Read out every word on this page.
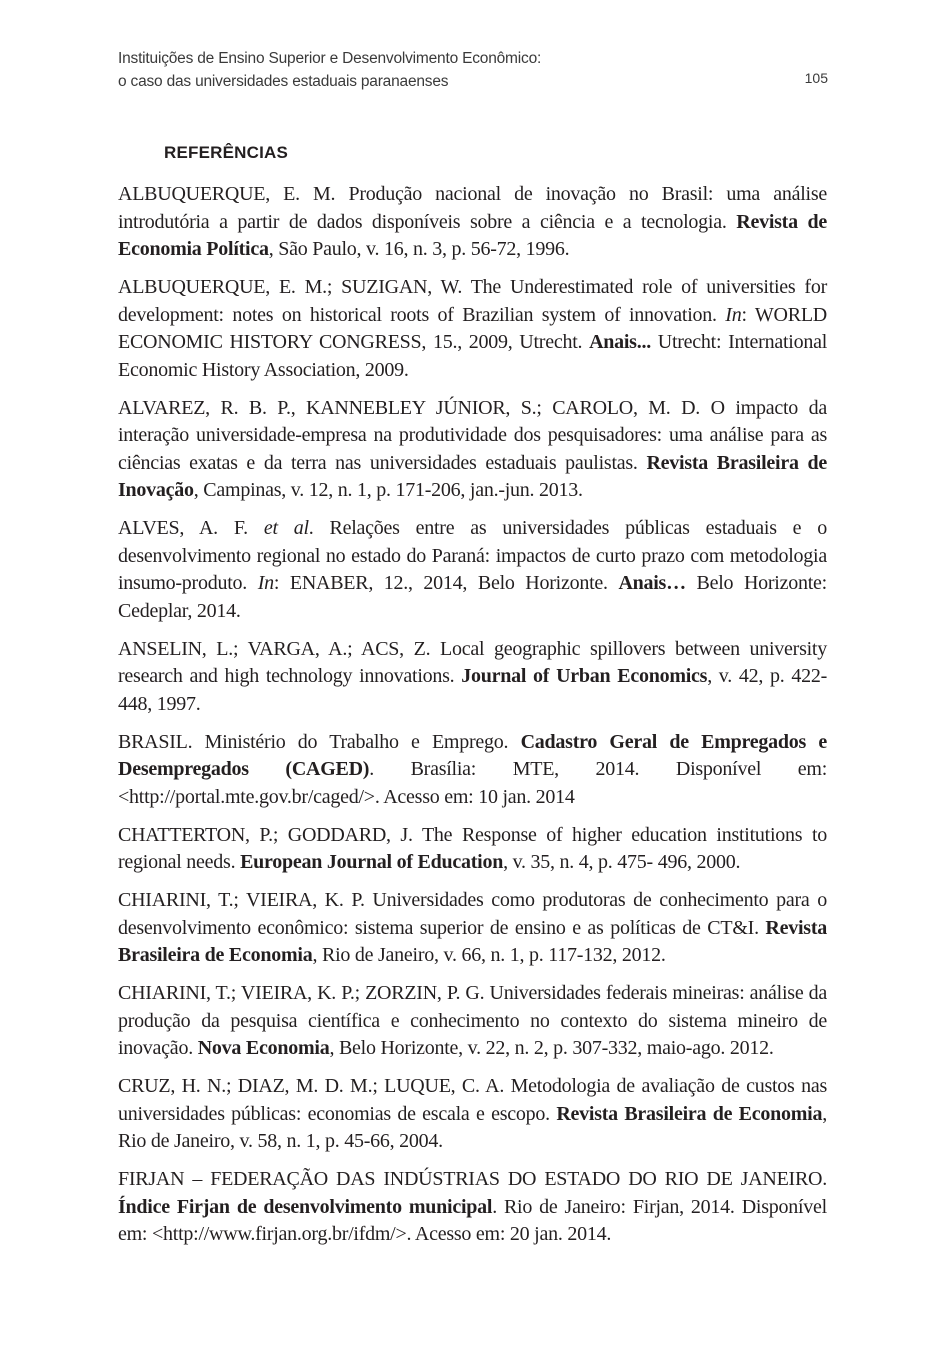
Instituições de Ensino Superior e Desenvolvimento Econômico:
o caso das universidades estaduais paranaenses	105
REFERÊNCIAS

ALBUQUERQUE, E. M. Produção nacional de inovação no Brasil: uma análise introdutória a partir de dados disponíveis sobre a ciência e a tecnologia. Revista de Economia Política, São Paulo, v. 16, n. 3, p. 56-72, 1996.

ALBUQUERQUE, E. M.; SUZIGAN, W. The Underestimated role of universities for development: notes on historical roots of Brazilian system of innovation. In: WORLD ECONOMIC HISTORY CONGRESS, 15., 2009, Utrecht. Anais... Utrecht: International Economic History Association, 2009.

ALVAREZ, R. B. P., KANNEBLEY JÚNIOR, S.; CAROLO, M. D. O impacto da interação universidade-empresa na produtividade dos pesquisadores: uma análise para as ciências exatas e da terra nas universidades estaduais paulistas. Revista Brasileira de Inovação, Campinas, v. 12, n. 1, p. 171-206, jan.-jun. 2013.

ALVES, A. F. et al. Relações entre as universidades públicas estaduais e o desenvolvimento regional no estado do Paraná: impactos de curto prazo com metodologia insumo-produto. In: ENABER, 12., 2014, Belo Horizonte. Anais… Belo Horizonte: Cedeplar, 2014.

ANSELIN, L.; VARGA, A.; ACS, Z. Local geographic spillovers between university research and high technology innovations. Journal of Urban Economics, v. 42, p. 422- 448, 1997.

BRASIL. Ministério do Trabalho e Emprego. Cadastro Geral de Empregados e Desempregados (CAGED). Brasília: MTE, 2014. Disponível em: <http://portal.mte.gov.br/caged/>. Acesso em: 10 jan. 2014

CHATTERTON, P.; GODDARD, J. The Response of higher education institutions to regional needs. European Journal of Education, v. 35, n. 4, p. 475- 496, 2000.

CHIARINI, T.; VIEIRA, K. P. Universidades como produtoras de conhecimento para o desenvolvimento econômico: sistema superior de ensino e as políticas de CT&I. Revista Brasileira de Economia, Rio de Janeiro, v. 66, n. 1, p. 117-132, 2012.

CHIARINI, T.; VIEIRA, K. P.; ZORZIN, P. G. Universidades federais mineiras: análise da produção da pesquisa científica e conhecimento no contexto do sistema mineiro de inovação. Nova Economia, Belo Horizonte, v. 22, n. 2, p. 307-332, maio-ago. 2012.

CRUZ, H. N.; DIAZ, M. D. M.; LUQUE, C. A. Metodologia de avaliação de custos nas universidades públicas: economias de escala e escopo. Revista Brasileira de Economia, Rio de Janeiro, v. 58, n. 1, p. 45-66, 2004.

FIRJAN – FEDERAÇÃO DAS INDÚSTRIAS DO ESTADO DO RIO DE JANEIRO. Índice Firjan de desenvolvimento municipal. Rio de Janeiro: Firjan, 2014. Disponível em: <http://www.firjan.org.br/ifdm/>. Acesso em: 20 jan. 2014.
